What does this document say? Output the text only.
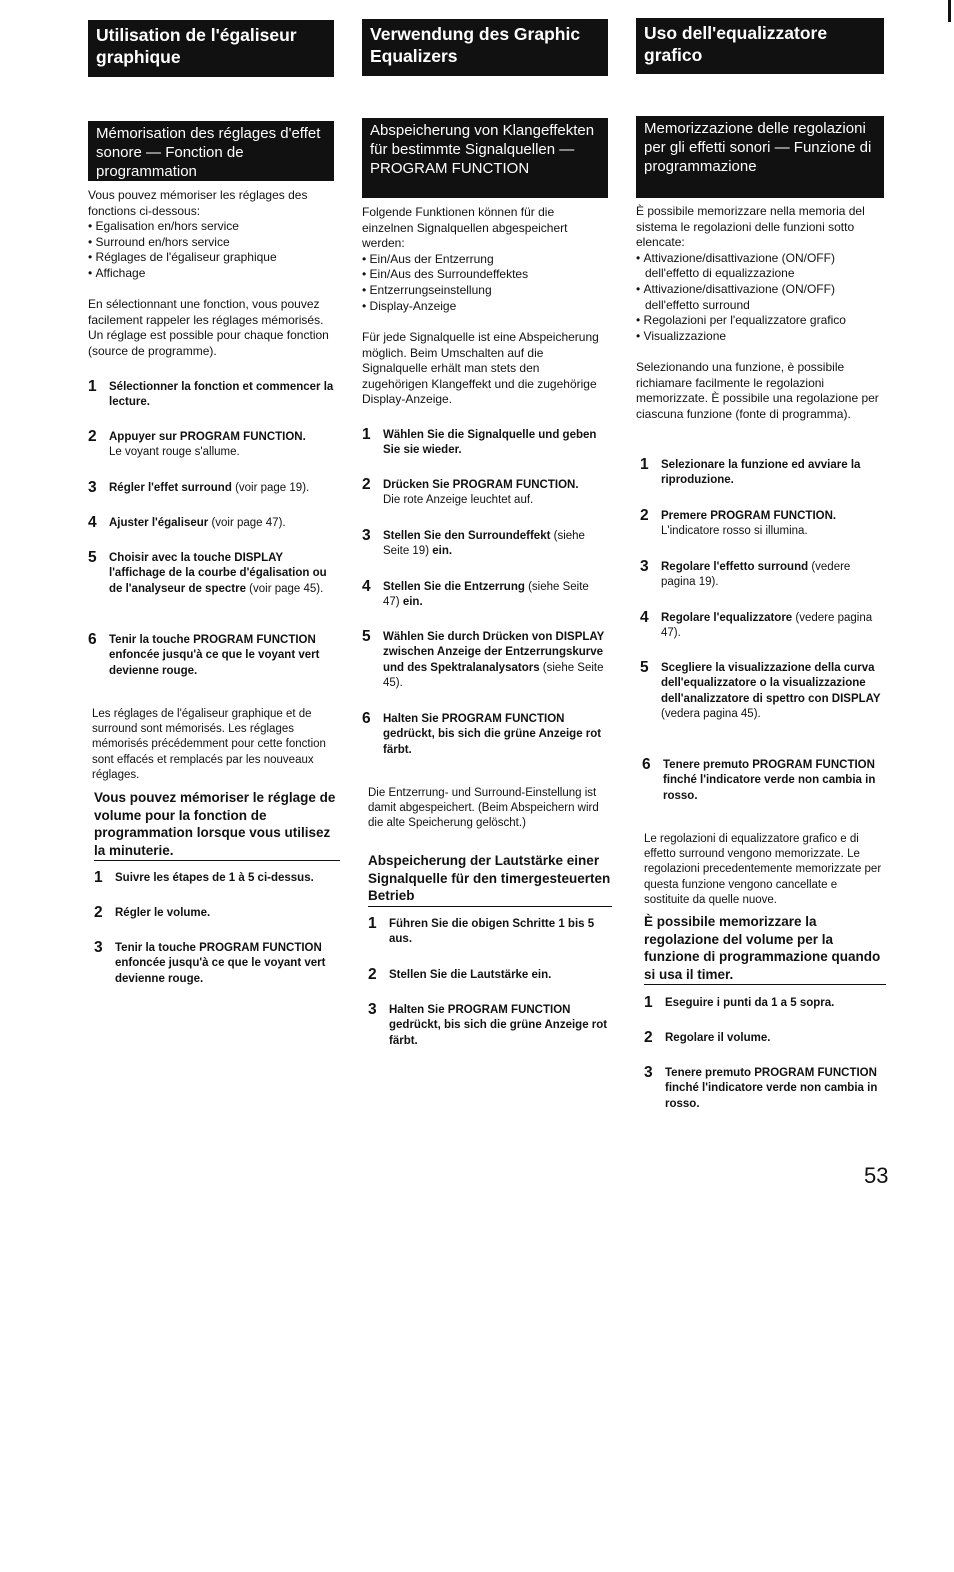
Utilisation de l'égaliseur graphique
Mémorisation des réglages d'effet sonore — Fonction de programmation

Vous pouvez mémoriser les réglages des fonctions ci-dessous:

• Egalisation en/hors service
• Surround en/hors service
• Réglages de l'égaliseur graphique
• Affichage

En sélectionnant une fonction, vous pouvez facilement rappeler les réglages mémorisés. Un réglage est possible pour chaque fonction (source de programme).

1 Sélectionner la fonction et commencer la lecture.
2 Appuyer sur PROGRAM FUNCTION.
Le voyant rouge s'allume.
3 Régler l'effet surround (voir page 19).
4 Ajuster l'égaliseur (voir page 47).
5 Choisir avec la touche DISPLAY l'affichage de la courbe d'égalisation ou de l'analyseur de spectre (voir page 45).
6 Tenir la touche PROGRAM FUNCTION enfoncée jusqu'à ce que le voyant vert devienne rouge.

Les réglages de l'égaliseur graphique et de surround sont mémorisés. Les réglages mémorisés précédemment pour cette fonction sont effacés et remplacés par les nouveaux réglages.

Vous pouvez mémoriser le réglage de volume pour la fonction de programmation lorsque vous utilisez la minuterie.
1 Suivre les étapes de 1 à 5 ci-dessus.
2 Régler le volume.
3 Tenir la touche PROGRAM FUNCTION enfoncée jusqu'à ce que le voyant vert devienne rouge.
Verwendung des Graphic Equalizers
Abspeicherung von Klangeffekten für bestimmte Signalquellen — PROGRAM FUNCTION

Folgende Funktionen können für die einzelnen Signalquellen abgespeichert werden:

• Ein/Aus der Entzerrung
• Ein/Aus des Surroundeffektes
• Entzerrungseinstellung
• Display-Anzeige

Für jede Signalquelle ist eine Abspeicherung möglich. Beim Umschalten auf die Signalquelle erhält man stets den zugehörigen Klangeffekt und die zugehörige Display-Anzeige.

1 Wählen Sie die Signalquelle und geben Sie sie wieder.
2 Drücken Sie PROGRAM FUNCTION.
Die rote Anzeige leuchtet auf.
3 Stellen Sie den Surroundeffekt (siehe Seite 19) ein.
4 Stellen Sie die Entzerrung (siehe Seite 47) ein.
5 Wählen Sie durch Drücken von DISPLAY zwischen Anzeige der Entzerrungskurve und des Spektralanalysators (siehe Seite 45).
6 Halten Sie PROGRAM FUNCTION gedrückt, bis sich die grüne Anzeige rot färbt.

Die Entzerrung- und Surround-Einstellung ist damit abgespeichert. (Beim Abspeichern wird die alte Speicherung gelöscht.)

Abspeicherung der Lautstärke einer Signalquelle für den timergesteuerten Betrieb
1 Führen Sie die obigen Schritte 1 bis 5 aus.
2 Stellen Sie die Lautstärke ein.
3 Halten Sie PROGRAM FUNCTION gedrückt, bis sich die grüne Anzeige rot färbt.
Uso dell'equalizzatore grafico
Memorizzazione delle regolazioni per gli effetti sonori — Funzione di programmazione

È possibile memorizzare nella memoria del sistema le regolazioni delle funzioni sotto elencate:

• Attivazione/disattivazione (ON/OFF) dell'effetto di equalizzazione
• Attivazione/disattivazione (ON/OFF) dell'effetto surround
• Regolazioni per l'equalizzatore grafico
• Visualizzazione

Selezionando una funzione, è possibile richiamare facilmente le regolazioni memorizzate. È possibile una regolazione per ciascuna funzione (fonte di programma).

1 Selezionare la funzione ed avviare la riproduzione.
2 Premere PROGRAM FUNCTION.
L'indicatore rosso si illumina.
3 Regolare l'effetto surround (vedere pagina 19).
4 Regolare l'equalizzatore (vedere pagina 47).
5 Scegliere la visualizzazione della curva dell'equalizzatore o la visualizzazione dell'analizzatore di spettro con DISPLAY (vedera pagina 45).
6 Tenere premuto PROGRAM FUNCTION finché l'indicatore verde non cambia in rosso.

Le regolazioni di equalizzatore grafico e di effetto surround vengono memorizzate. Le regolazioni precedentemente memorizzate per questa funzione vengono cancellate e sostituite da quelle nuove.

È possibile memorizzare la regolazione del volume per la funzione di programmazione quando si usa il timer.
1 Eseguire i punti da 1 a 5 sopra.
2 Regolare il volume.
3 Tenere premuto PROGRAM FUNCTION finché l'indicatore verde non cambia in rosso.
53
